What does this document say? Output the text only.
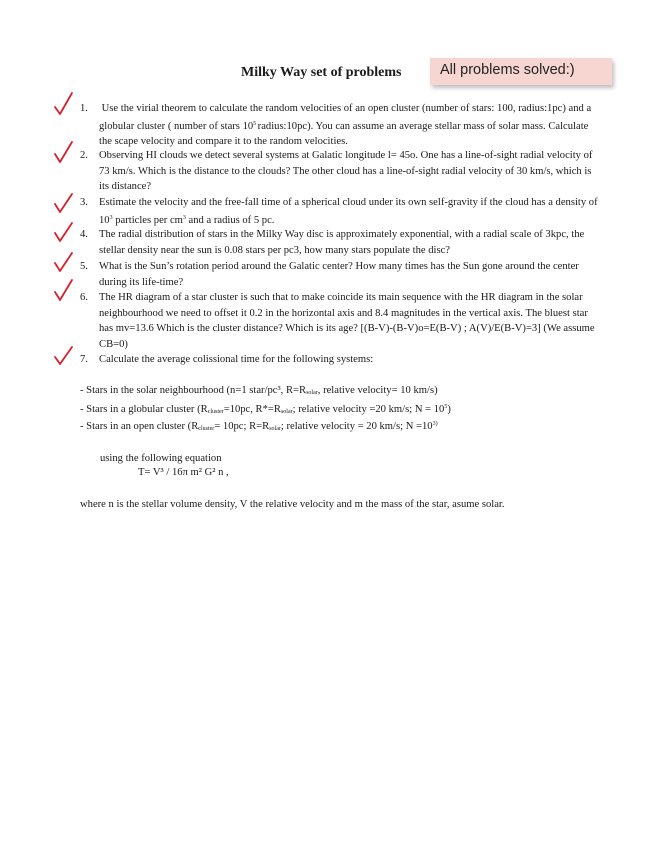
Milky Way set of problems	All problems solved:)
1. Use the virial theorem to calculate the random velocities of an open cluster (number of stars: 100, radius:1pc) and a globular cluster ( number of stars $10^5$ radius:10pc). You can assume an average stellar mass of solar mass. Calculate the scape velocity and compare it to the random velocities.
2. Observing HI clouds we detect several systems at Galatic longitude l= 45o. One has a line-of-sight radial velocity of 73 km/s. Which is the distance to the clouds? The other cloud has a line-of-sight radial velocity of 30 km/s, which is its distance?
3. Estimate the velocity and the free-fall time of a spherical cloud under its own self-gravity if the cloud has a density of $10^3$ particles per $cm^3$ and a radius of 5 pc.
4. The radial distribution of stars in the Milky Way disc is approximately exponential, with a radial scale of 3kpc, the stellar density near the sun is 0.08 stars per pc3, how many stars populate the disc?
5. What is the Sun’s rotation period around the Galatic center? How many times has the Sun gone around the center during its life-time?
6. The HR diagram of a star cluster is such that to make coincide its main sequence with the HR diagram in the solar neighbourhood we need to offset it 0.2 in the horizontal axis and 8.4 magnitudes in the vertical axis. The bluest star has mv=13.6 Which is the cluster distance? Which is its age? [(B-V)-(B-V)o=E(B-V) ; A(V)/E(B-V)=3] (We assume CB=0)
7. Calculate the average colissional time for the following systems:
- Stars in the solar neighbourhood (n=1 star/pc³, $R=R_{solar}$, relative velocity= 10 km/s)
- Stars in a globular cluster ($R_{cluster}=10pc$, $R*=R_{solar}$; relative velocity =20 km/s; $N = 10^5$)
- Stars in an open cluster ($R_{cluster}= 10pc$; $R=R_{solar}$; relative velocity = 20 km/s; $N =10^{3)}$
using the following equation
T= V³ / 16π m² G² n ,
where n is the stellar volume density, V the relative velocity and m the mass of the star, asume solar.
